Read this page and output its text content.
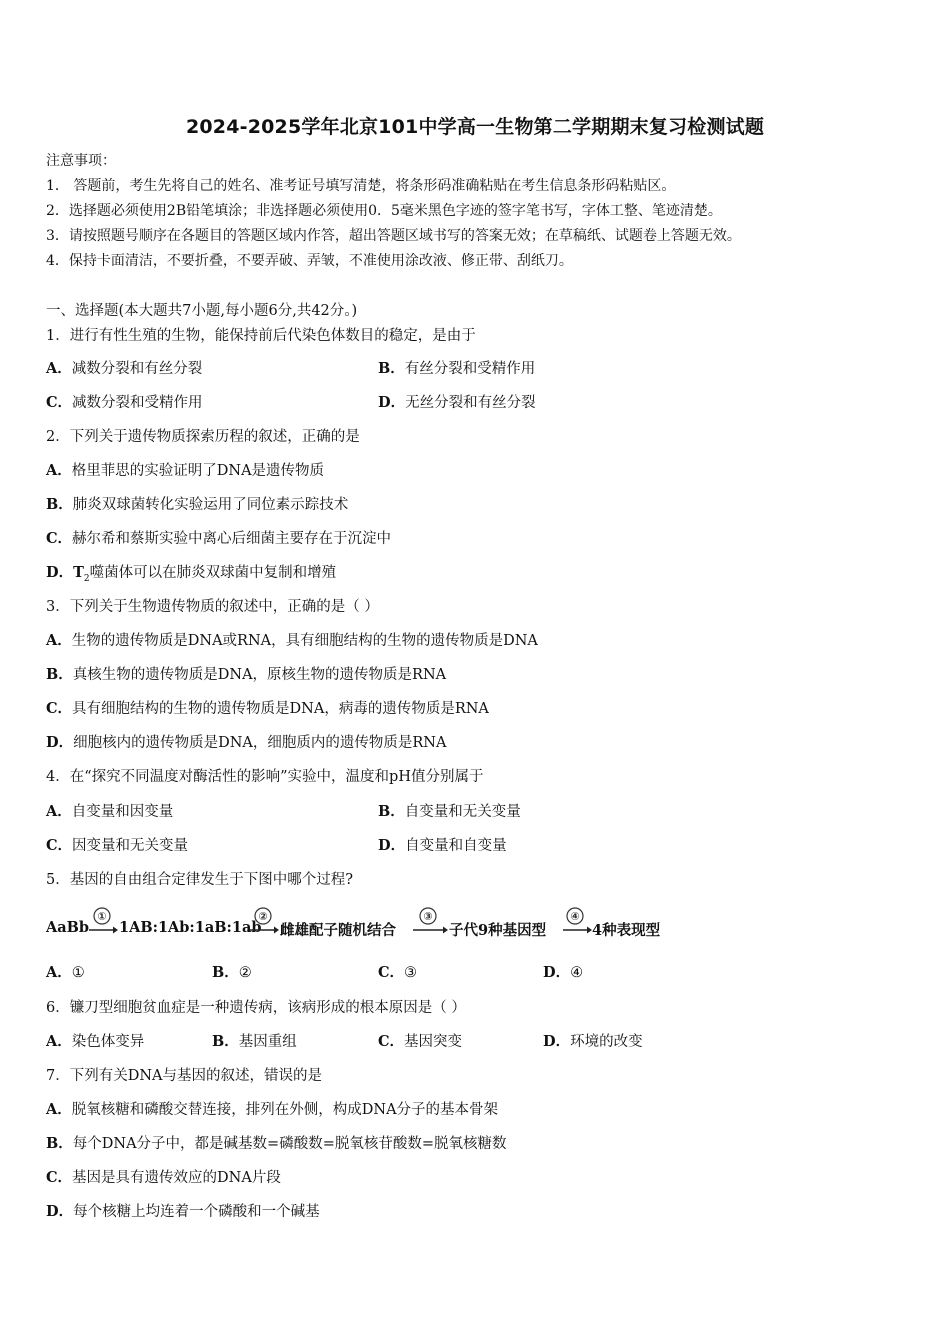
2024-2025学年北京101中学高一生物第二学期期末复习检测试题
注意事项：
1． 答题前，考生先将自己的姓名、准考证号填写清楚，将条形码准确粘贴在考生信息条形码粘贴区。
2．选择题必须使用2B铅笔填涂；非选择题必须使用0．5毫米黑色字迹的签字笔书写，字体工整、笔迹清楚。
3．请按照题号顺序在各题目的答题区域内作答，超出答题区域书写的答案无效；在草稿纸、试题卷上答题无效。
4．保持卡面清洁，不要折叠，不要弄破、弄皱，不准使用涂改液、修正带、刮纸刀。
一、选择题(本大题共7小题,每小题6分,共42分。)
1．进行有性生殖的生物，能保持前后代染色体数目的稳定，是由于
A．减数分裂和有丝分裂	B．有丝分裂和受精作用
C．减数分裂和受精作用	D．无丝分裂和有丝分裂
2．下列关于遗传物质探索历程的叙述，正确的是
A．格里菲思的实验证明了DNA是遗传物质
B．肺炎双球菌转化实验运用了同位素示踪技术
C．赫尔希和蔡斯实验中离心后细菌主要存在于沉淀中
D．$T_2$噬菌体可以在肺炎双球菌中复制和增殖
3．下列关于生物遗传物质的叙述中，正确的是（ ）
A．生物的遗传物质是DNA或RNA，具有细胞结构的生物的遗传物质是DNA
B．真核生物的遗传物质是DNA，原核生物的遗传物质是RNA
C．具有细胞结构的生物的遗传物质是DNA，病毒的遗传物质是RNA
D．细胞核内的遗传物质是DNA，细胞质内的遗传物质是RNA
4．在“探究不同温度对酶活性的影响”实验中，温度和pH值分别属于
A．自变量和因变量	B．自变量和无关变量
C．因变量和无关变量	D．自变量和自变量
5．基因的自由组合定律发生于下图中哪个过程?
AaBb
①
1AB:1Ab:1aB:1ab
②
雌雄配子随机结合
③
子代9种基因型
④
4种表现型
A．①	B．②	C．③	D．④
6．镰刀型细胞贫血症是一种遗传病，该病形成的根本原因是（ ）
A．染色体变异	B．基因重组	C．基因突变	D．环境的改变
7．下列有关DNA与基因的叙述，错误的是
A．脱氧核糖和磷酸交替连接，排列在外侧，构成DNA分子的基本骨架
B．每个DNA分子中，都是碱基数=磷酸数=脱氧核苷酸数=脱氧核糖数
C．基因是具有遗传效应的DNA片段
D．每个核糖上均连着一个磷酸和一个碱基
